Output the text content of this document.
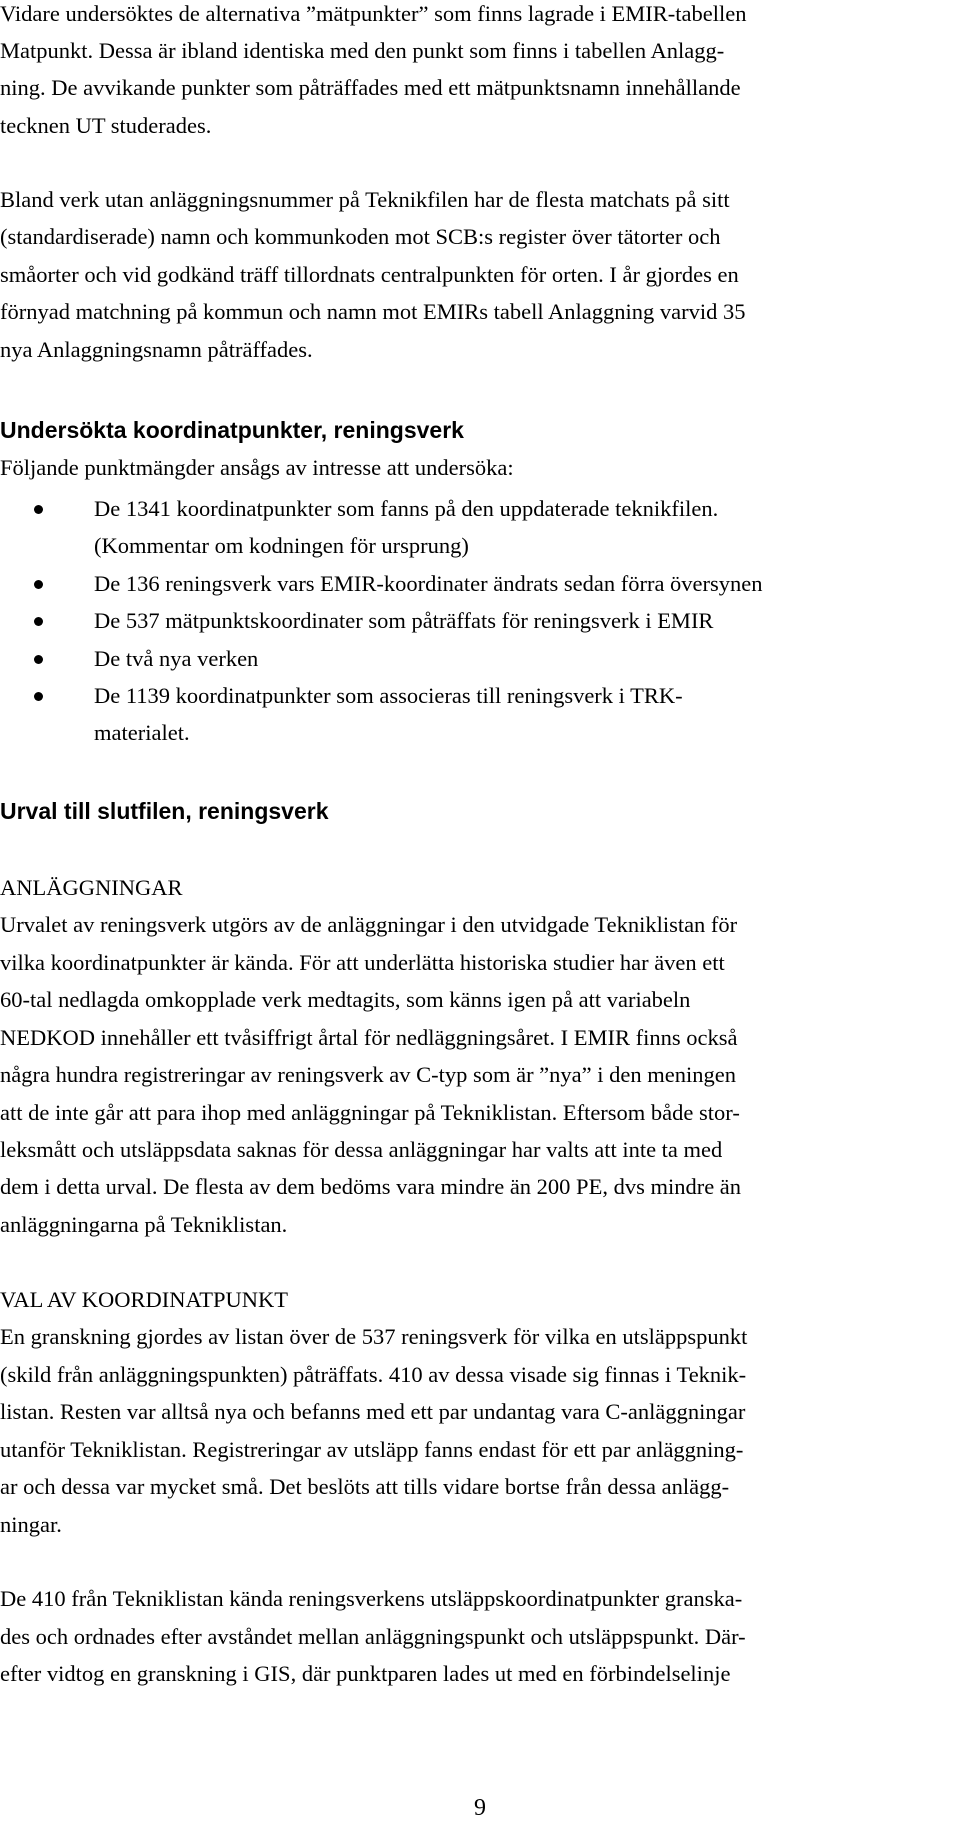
Vidare undersöktes de alternativa ”mätpunkter” som finns lagrade i EMIR-tabellen
Matpunkt. Dessa är ibland identiska med den punkt som finns i tabellen Anlagg-
ning. De avvikande punkter som påträffades med ett mätpunktsnamn innehållande
tecknen UT studerades.
Bland verk utan anläggningsnummer på Teknikfilen har de flesta matchats på sitt
(standardiserade) namn och kommunkoden mot SCB:s register över tätorter och
småorter och vid godkänd träff tillordnats centralpunkten för orten. I år gjordes en
förnyad matchning på kommun och namn mot EMIRs tabell Anlaggning varvid 35
nya Anlaggningsnamn påträffades.
Undersökta koordinatpunkter, reningsverk
Följande punktmängder ansågs av intresse att undersöka:
De 1341 koordinatpunkter som fanns på den uppdaterade teknikfilen.
(Kommentar om kodningen för ursprung)
De 136 reningsverk vars EMIR-koordinater ändrats sedan förra översynen
De 537 mätpunktskoordinater som påträffats för reningsverk i EMIR
De två nya verken
De 1139 koordinatpunkter som associeras till reningsverk i TRK-
materialet.
Urval till slutfilen, reningsverk
ANLÄGGNINGAR
Urvalet av reningsverk utgörs av de anläggningar i den utvidgade Tekniklistan för
vilka koordinatpunkter är kända. För att underlätta historiska studier har även ett
60-tal nedlagda omkopplade verk medtagits, som känns igen på att variabeln
NEDKOD innehåller ett tvåsiffrigt årtal för nedläggningsåret. I EMIR finns också
några hundra registreringar av reningsverk av C-typ som är ”nya” i den meningen
att de inte går att para ihop med anläggningar på Tekniklistan. Eftersom både stor-
leksmått och utsläppsdata saknas för dessa anläggningar har valts att inte ta med
dem i detta urval. De flesta av dem bedöms vara mindre än 200 PE, dvs mindre än
anläggningarna på Tekniklistan.
VAL AV KOORDINATPUNKT
En granskning gjordes av listan över de 537 reningsverk för vilka en utsläppspunkt
(skild från anläggningspunkten) påträffats. 410 av dessa visade sig finnas i Teknik-
listan. Resten var alltså nya och befanns med ett par undantag vara C-anläggningar
utanför Tekniklistan. Registreringar av utsläpp fanns endast för ett par anläggning-
ar och dessa var mycket små. Det beslöts att tills vidare bortse från dessa anlägg-
ningar.
De 410 från Tekniklistan kända reningsverkens utsläppskoordinatpunkter granska-
des och ordnades efter avståndet mellan anläggningspunkt och utsläppspunkt. Där-
efter vidtog en granskning i GIS, där punktparen lades ut med en förbindelselinje
9
